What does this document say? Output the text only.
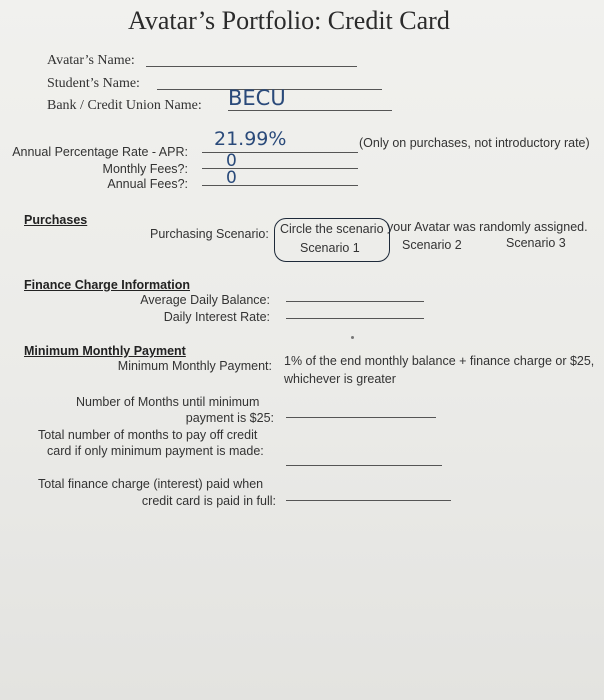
Avatar’s Portfolio: Credit Card
Avatar’s Name:
Student’s Name:
Bank / Credit Union Name: BECU
Annual Percentage Rate - APR:
21.99%	(Only on purchases, not introductory rate)
Monthly Fees?: 0
Annual Fees?: 0
Purchases
Purchasing Scenario: Circle the scenario your Avatar was randomly assigned.
Scenario 1	Scenario 2	Scenario 3
Finance Charge Information
Average Daily Balance:
Daily Interest Rate:
Minimum Monthly Payment
Minimum Monthly Payment: 1% of the end monthly balance + finance charge or $25,
whichever is greater
Number of Months until minimum
payment is $25:
Total number of months to pay off credit
card if only minimum payment is made:
Total finance charge (interest) paid when
credit card is paid in full:
